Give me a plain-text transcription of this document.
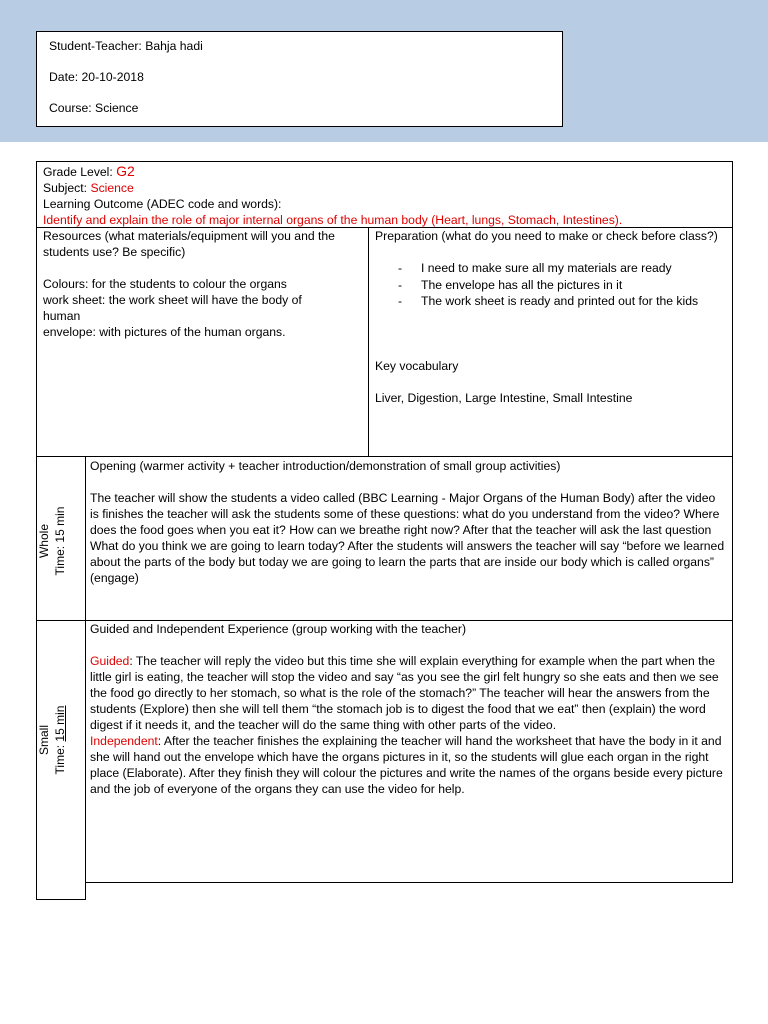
Student-Teacher: Bahja hadi
Date: 20-10-2018
Course: Science

Grade Level: G2

Subject: Science

Learning Outcome (ADEC code and words):

Identify and explain the role of major internal organs of the human body (Heart, lungs, Stomach, Intestines).

Resources (what materials/equipment will you and the students use? Be specific)

Colours: for the students to colour the organs

work sheet: the work sheet will have the body of human

envelope: with pictures of the human organs.

Preparation (what do you need to make or check before class?)

- I need to make sure all my materials are ready
- The envelope has all the pictures in it
- The work sheet is ready and printed out for the kids

Key vocabulary

Liver, Digestion, Large Intestine, Small Intestine

Whole Time: 15 min

Opening (warmer activity + teacher introduction/demonstration of small group activities)

The teacher will show the students a video called (BBC Learning - Major Organs of the Human Body) after the video is finishes the teacher will ask the students some of these questions: what do you understand from the video? Where does the food goes when you eat it? How can we breathe right now? After that the teacher will ask the last question What do you think we are going to learn today? After the students will answers the teacher will say “before we learned about the parts of the body but today we are going to learn the parts that are inside our body which is called organs” (engage)

Small
Time: 15 min

Guided and Independent Experience (group working with the teacher)

Guided: The teacher will reply the video but this time she will explain everything for example when the part when the little girl is eating, the teacher will stop the video and say “as you see the girl felt hungry so she eats and then we see the food go directly to her stomach, so what is the role of the stomach?” The teacher will hear the answers from the students (Explore) then she will tell them “the stomach job is to digest the food that we eat” then (explain) the word digest if it needs it, and the teacher will do the same thing with other parts of the video.

Independent: After the teacher finishes the explaining the teacher will hand the worksheet that have the body in it and she will hand out the envelope which have the organs pictures in it, so the students will glue each organ in the right place (Elaborate). After they finish they will colour the pictures and write the names of the organs beside every picture and the job of everyone of the organs they can use the video for help.
